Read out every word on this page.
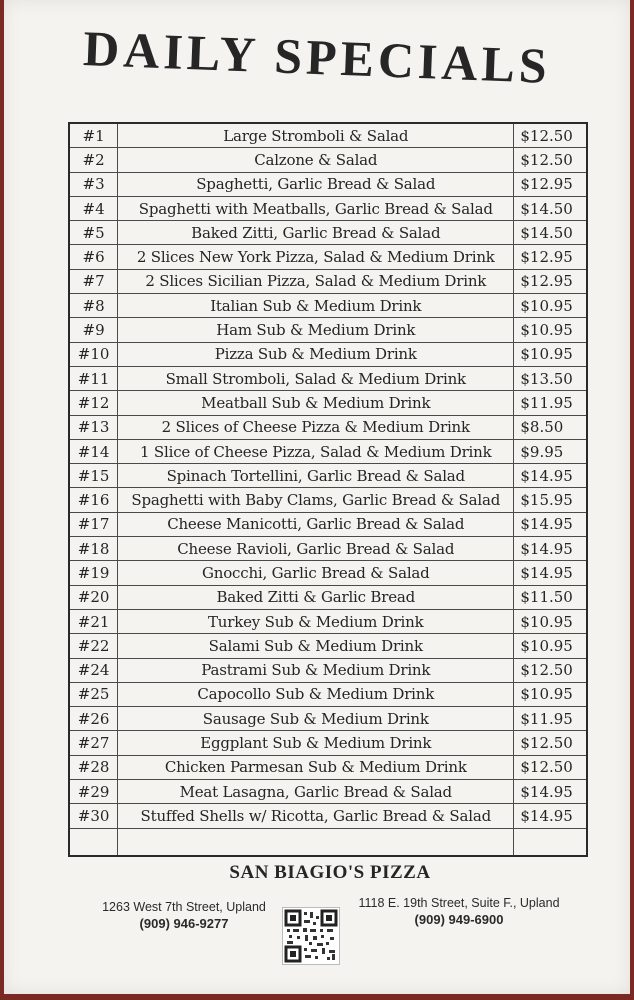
DAILY SPECIALS
#1	Large Stromboli & Salad	$12.50
#2	Calzone & Salad	$12.50
#3	Spaghetti, Garlic Bread & Salad	$12.95
#4	Spaghetti with Meatballs, Garlic Bread & Salad	$14.50
#5	Baked Zitti, Garlic Bread & Salad	$14.50
#6	2 Slices New York Pizza, Salad & Medium Drink	$12.95
#7	2 Slices Sicilian Pizza, Salad & Medium Drink	$12.95
#8	Italian Sub & Medium Drink	$10.95
#9	Ham Sub & Medium Drink	$10.95
#10	Pizza Sub & Medium Drink	$10.95
#11	Small Stromboli, Salad & Medium Drink	$13.50
#12	Meatball Sub & Medium Drink	$11.95
#13	2 Slices of Cheese Pizza & Medium Drink	$8.50
#14	1 Slice of Cheese Pizza, Salad & Medium Drink	$9.95
#15	Spinach Tortellini, Garlic Bread & Salad	$14.95
#16	Spaghetti with Baby Clams, Garlic Bread & Salad	$15.95
#17	Cheese Manicotti, Garlic Bread & Salad	$14.95
#18	Cheese Ravioli, Garlic Bread & Salad	$14.95
#19	Gnocchi, Garlic Bread & Salad	$14.95
#20	Baked Zitti & Garlic Bread	$11.50
#21	Turkey Sub & Medium Drink	$10.95
#22	Salami Sub & Medium Drink	$10.95
#24	Pastrami Sub & Medium Drink	$12.50
#25	Capocollo Sub & Medium Drink	$10.95
#26	Sausage Sub & Medium Drink	$11.95
#27	Eggplant Sub & Medium Drink	$12.50
#28	Chicken Parmesan Sub & Medium Drink	$12.50
#29	Meat Lasagna, Garlic Bread & Salad	$14.95
#30	Stuffed Shells w/ Ricotta, Garlic Bread & Salad	$14.95

SAN BIAGIO'S PIZZA
1263 West 7th Street, Upland
(909) 946-9277
1118 E. 19th Street, Suite F., Upland
(909) 949-6900
